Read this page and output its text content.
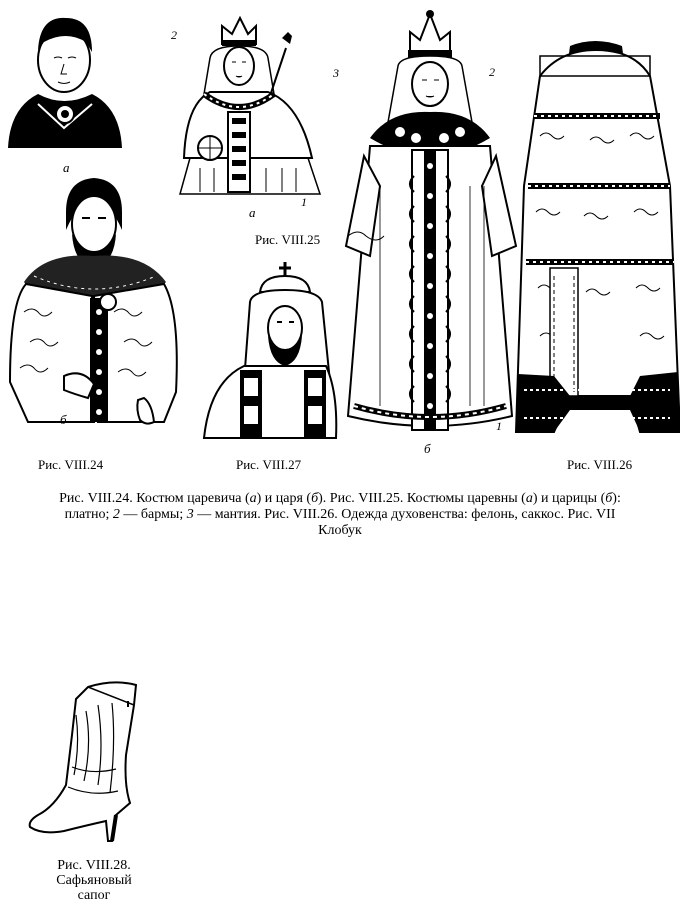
а
б
Рис. VIII.24
2
3
1
а
Рис. VIII.25
2
1
б
Рис. VIII.27	Рис. VIII.26
Рис. VIII.24. Костюм царевича (а) и царя (б). Рис. VIII.25. Костюмы царевны (а) и царицы (б):
платно; 2 — бармы; 3 — мантия. Рис. VIII.26. Одежда духовенства: фелонь, саккос. Рис. VII
Клобук
Рис. VIII.28.
Сафьяновый
сапог
